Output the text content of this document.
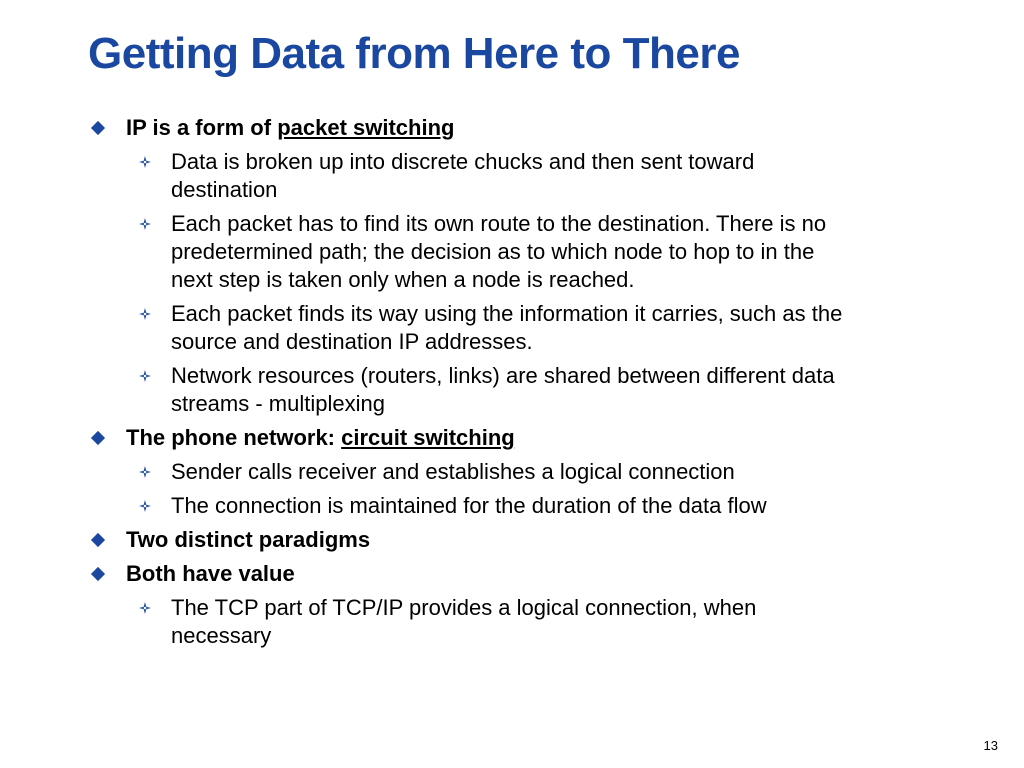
Getting Data from Here to There
IP is a form of packet switching
Data is broken up into discrete chucks and then sent toward destination
Each packet has to find its own route to the destination. There is no predetermined path; the decision as to which node to hop to in the next step is taken only when a node is reached.
Each packet finds its way using the information it carries, such as the source and destination IP addresses.
Network resources (routers, links) are shared between different data streams - multiplexing
The phone network: circuit switching
Sender calls receiver and establishes a logical connection
The connection is maintained for the duration of the data flow
Two distinct paradigms
Both have value
The TCP part of TCP/IP provides a logical connection, when necessary
13
